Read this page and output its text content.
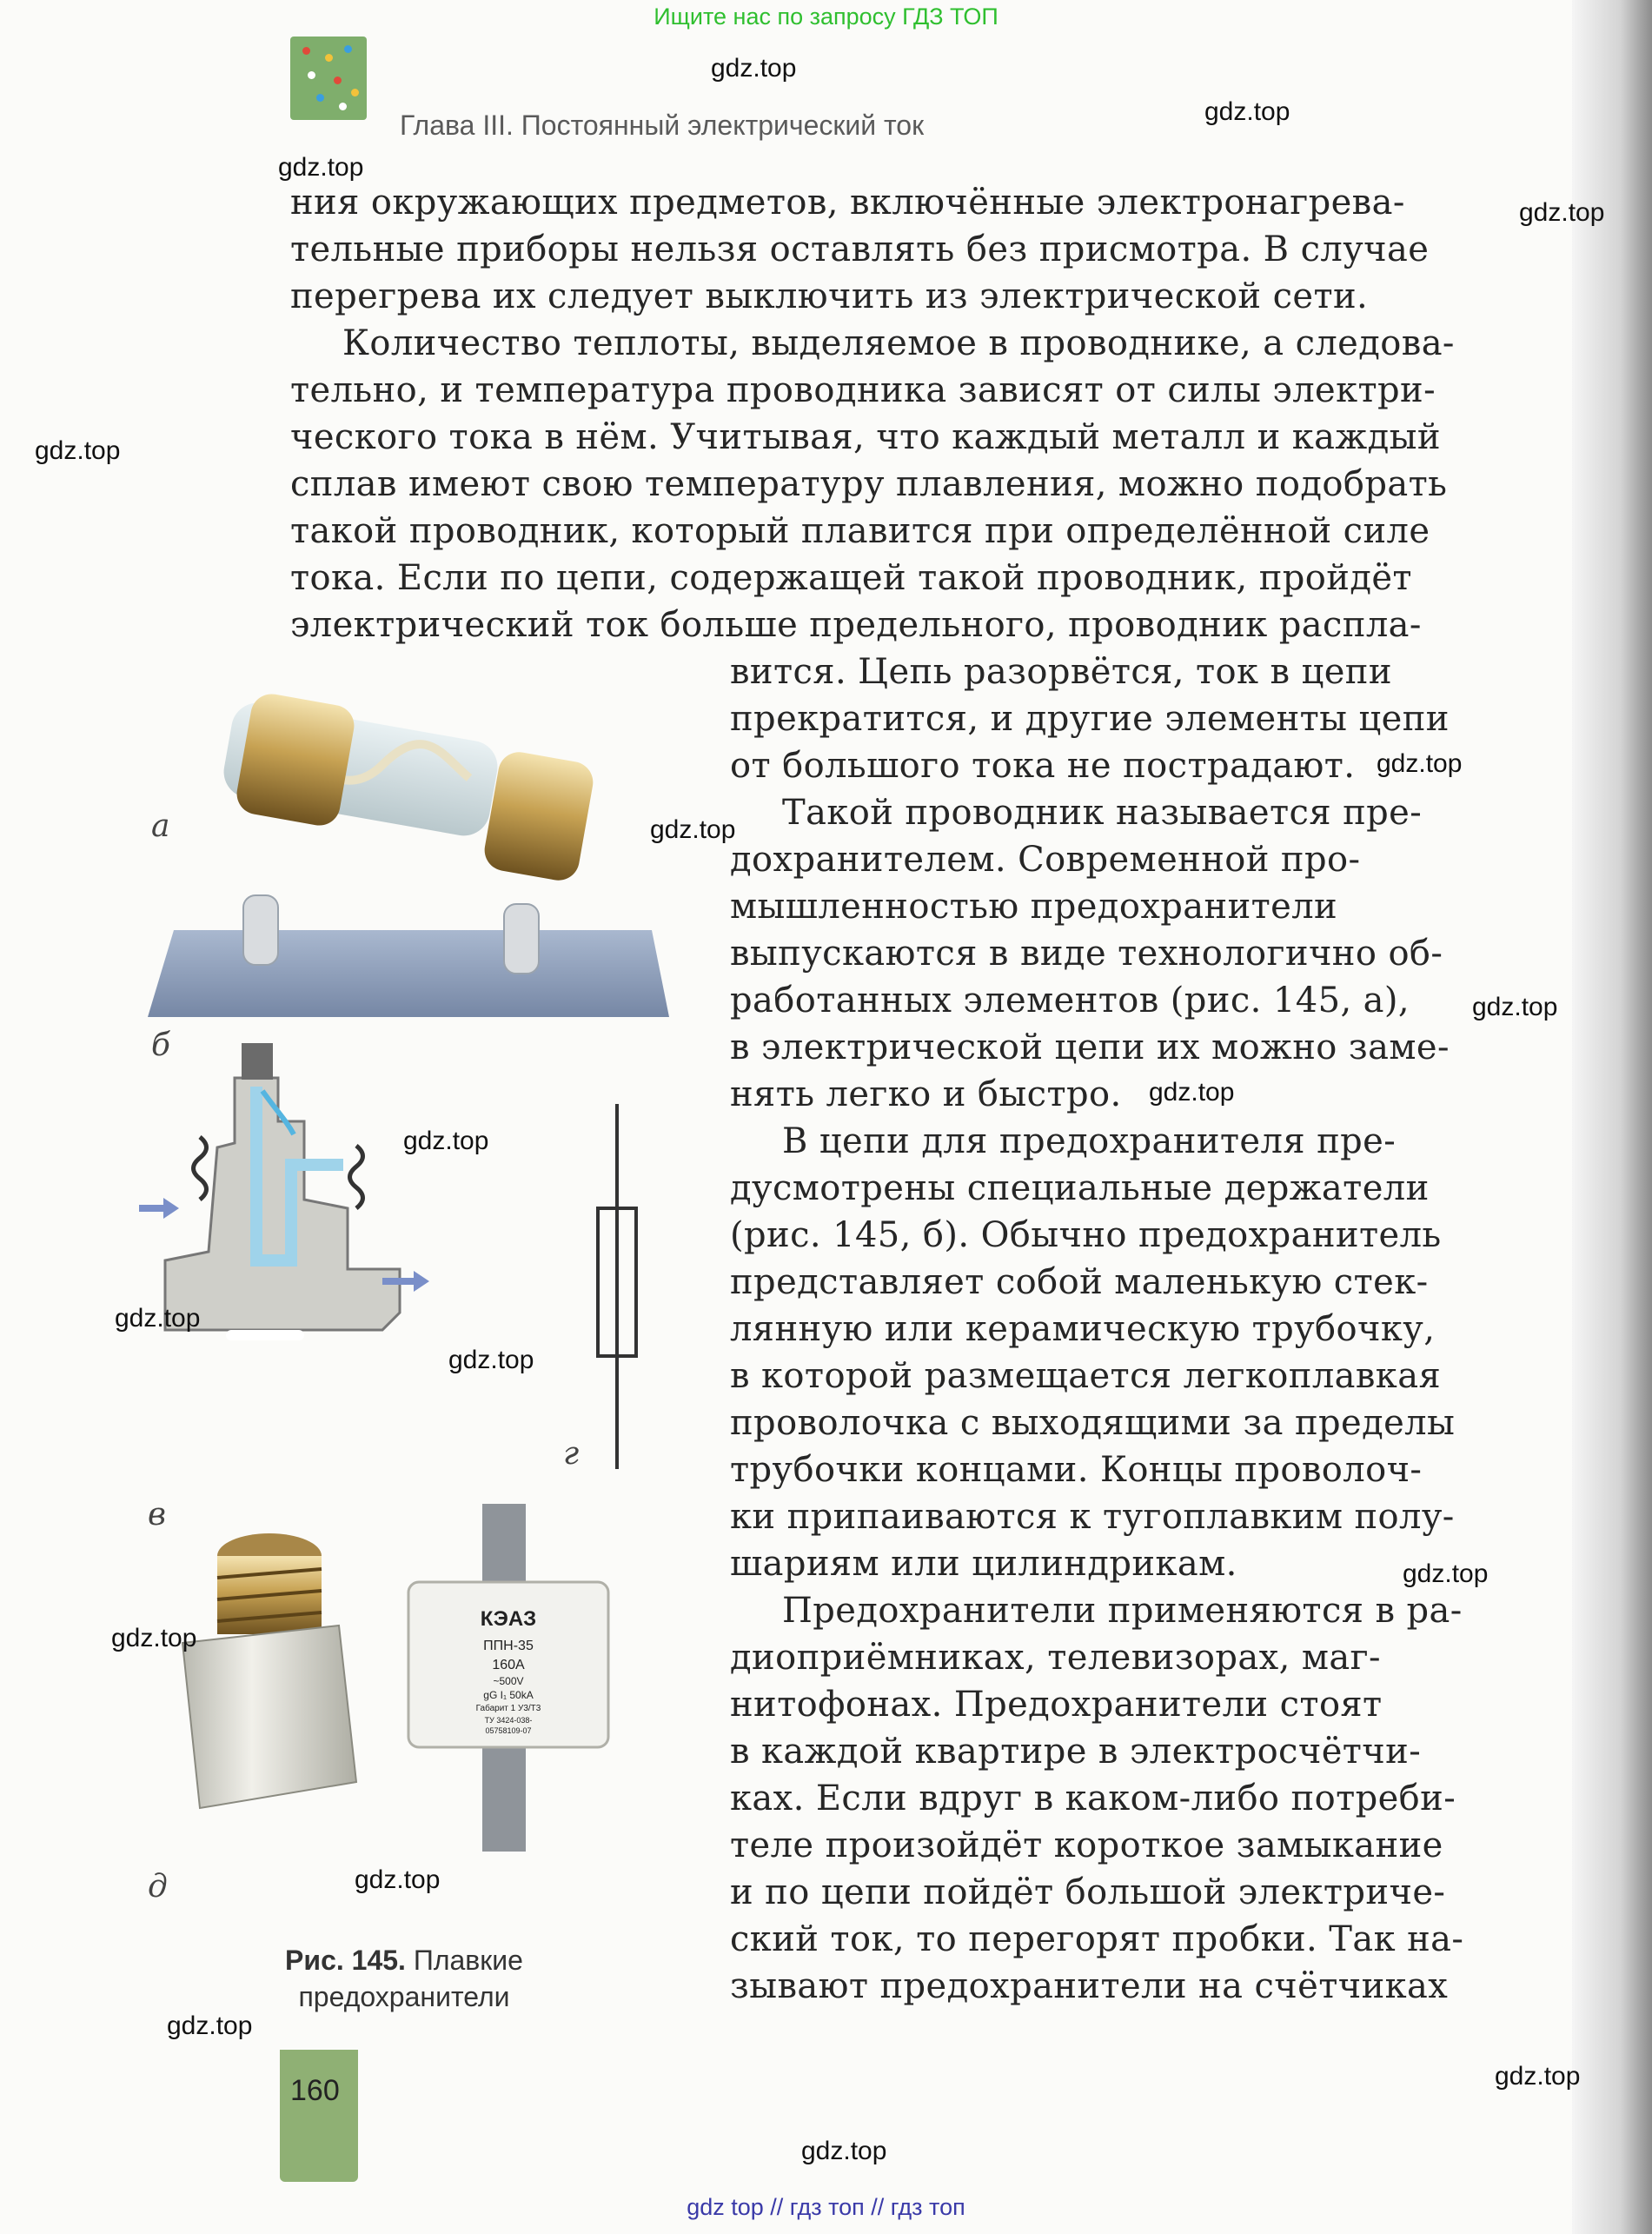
Ищите нас по запросу ГДЗ ТОП
Глава III. Постоянный электрический ток
ния окружающих предметов, включённые электронагрева-
тельные приборы нельзя оставлять без присмотра. В случае
перегрева их следует выключить из электрической сети.
Количество теплоты, выделяемое в проводнике, а следова-
тельно, и температура проводника зависят от силы электри-
ческого тока в нём. Учитывая, что каждый металл и каждый
сплав имеют свою температуру плавления, можно подобрать
такой проводник, который плавится при определённой силе
тока. Если по цепи, содержащей такой проводник, пройдёт
электрический ток больше предельного, проводник распла-
вится. Цепь разорвётся, ток в цепи
прекратится, и другие элементы цепи
от большого тока не пострадают.
Такой проводник называется пре-
дохранителем. Современной про-
мышленностью предохранители
выпускаются в виде технологично об-
работанных элементов (рис. 145, а),
в электрической цепи их можно заме-
нять легко и быстро.
В цепи для предохранителя пре-
дусмотрены специальные держатели
(рис. 145, б). Обычно предохранитель
представляет собой маленькую стек-
лянную или керамическую трубочку,
в которой размещается легкоплавкая
проволочка с выходящими за пределы
трубочки концами. Концы проволоч-
ки припаиваются к тугоплавким полу-
шариям или цилиндрикам.
Предохранители применяются в ра-
диоприёмниках, телевизорах, маг-
нитофонах. Предохранители стоят
в каждой квартире в электросчётчи-
ках. Если вдруг в каком-либо потреби-
теле произойдёт короткое замыкание
и по цепи пойдёт большой электриче-
ский ток, то перегорят пробки. Так на-
зывают предохранители на счётчиках
КЭАЗ
ППН-35
160A
~500V
gG I₁ 50kA
Габарит 1 У3/Т3
ТУ 3424-038-
05758109-07
а
б
в
г
д
Рис. 145. Плавкие предохранители
160
gdz.top
gdz.top
gdz.top
gdz.top
gdz.top
gdz.top
gdz.top
gdz.top
gdz.top
gdz.top
gdz.top
gdz.top
gdz.top
gdz.top
gdz.top
gdz.top
gdz.top
gdz.top
gdz top // гдз топ // гдз топ
